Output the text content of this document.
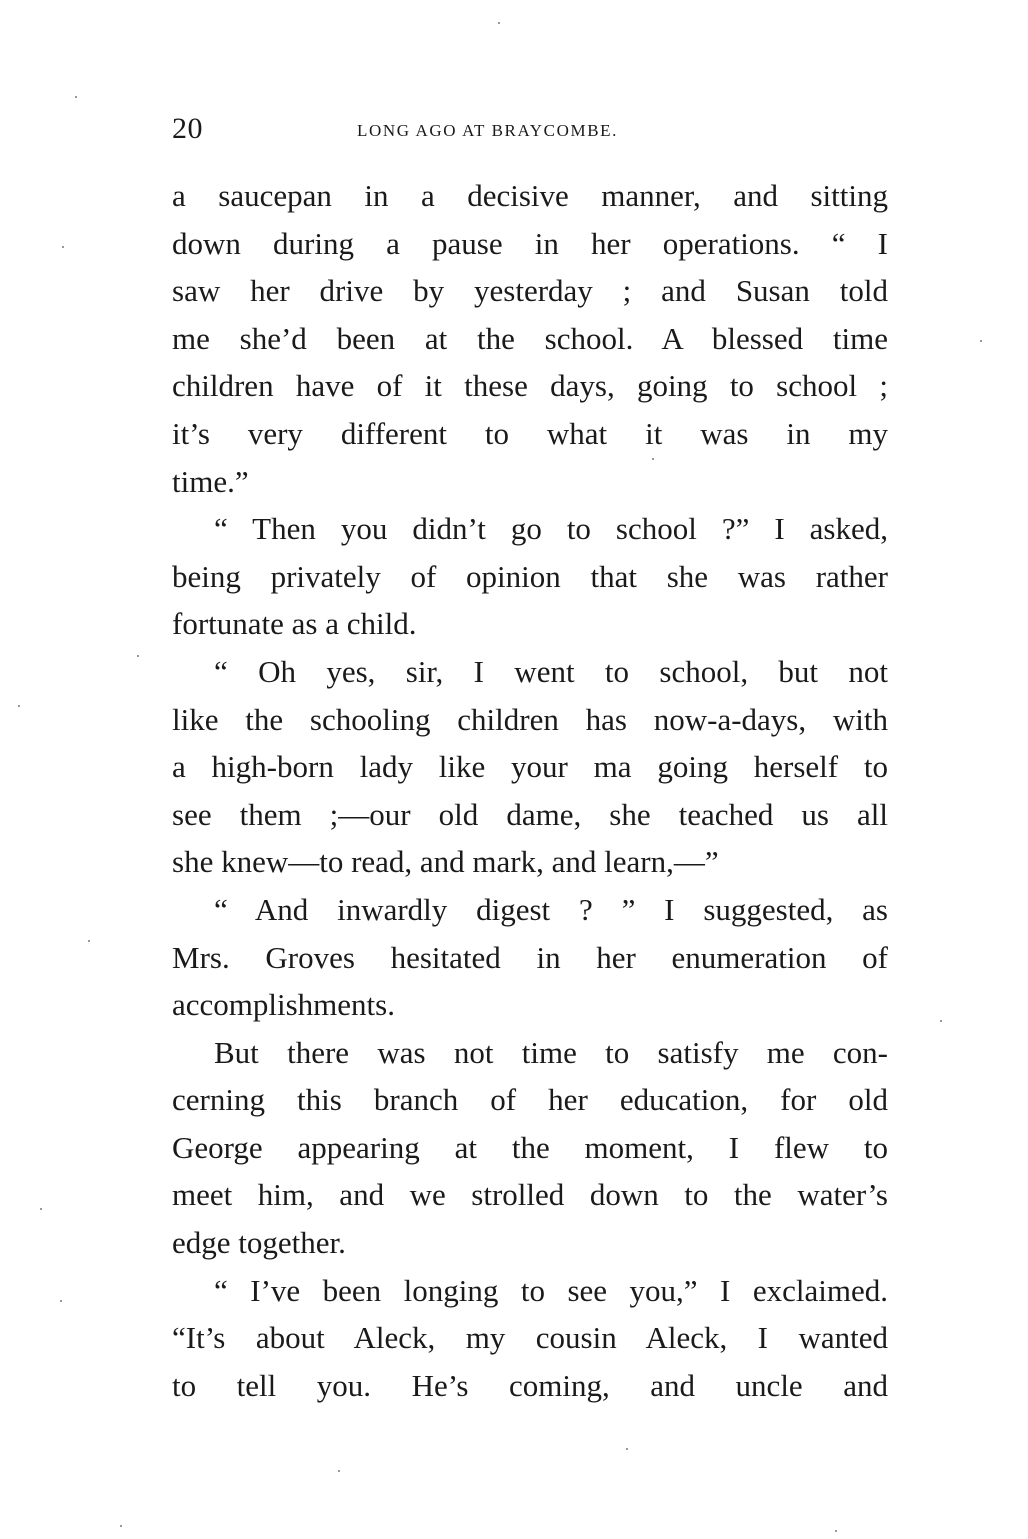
20	LONG AGO AT BRAYCOMBE.
a saucepan in a decisive manner, and sitting
down during a pause in her operations. “ I
saw her drive by yesterday ; and Susan told
me she’d been at the school. A blessed time
children have of it these days, going to school ;
it’s very different to what it was in my
time.”
“ Then you didn’t go to school ?” I asked,
being privately of opinion that she was rather
fortunate as a child.
“ Oh yes, sir, I went to school, but not
like the schooling children has now-a-days, with
a high-born lady like your ma going herself to
see them ;—our old dame, she teached us all
she knew—to read, and mark, and learn,—”
“ And inwardly digest ? ” I suggested, as
Mrs. Groves hesitated in her enumeration of
accomplishments.
But there was not time to satisfy me con-
cerning this branch of her education, for old
George appearing at the moment, I flew to
meet him, and we strolled down to the water’s
edge together.
“ I’ve been longing to see you,” I exclaimed.
“It’s about Aleck, my cousin Aleck, I wanted
to tell you. He’s coming, and uncle and
